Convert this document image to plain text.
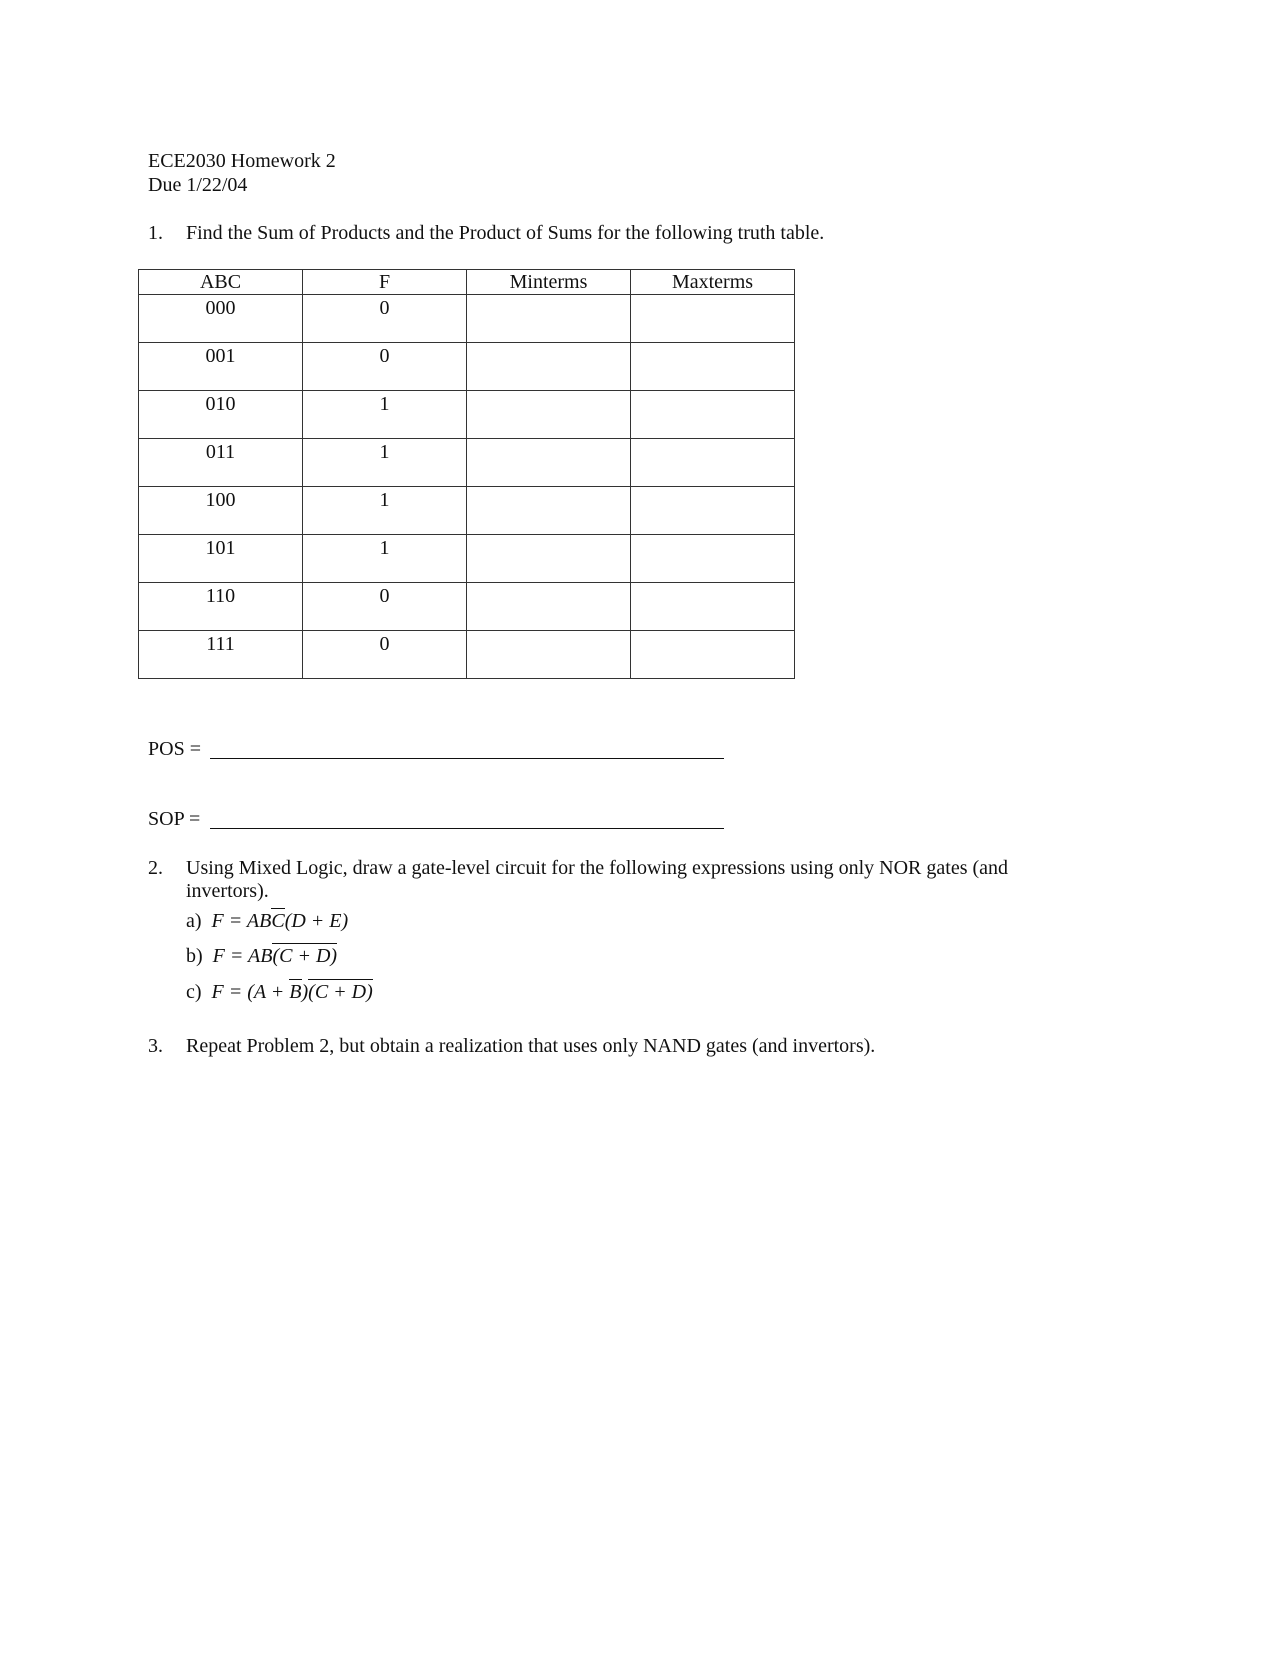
ECE2030 Homework 2
Due 1/22/04
1. Find the Sum of Products and the Product of Sums for the following truth table.
ABC	F	Minterms	Maxterms
000	0		
001	0		
010	1		
011	1		
100	1		
101	1		
110	0		
111	0		
POS =
SOP =
2. Using Mixed Logic, draw a gate-level circuit for the following expressions using only NOR gates (and
invertors).
a)  F = ABC(D + E)
b) F = AB(C + D)
c) F = (A + B)(C + D)
3. Repeat Problem 2, but obtain a realization that uses only NAND gates (and invertors).
